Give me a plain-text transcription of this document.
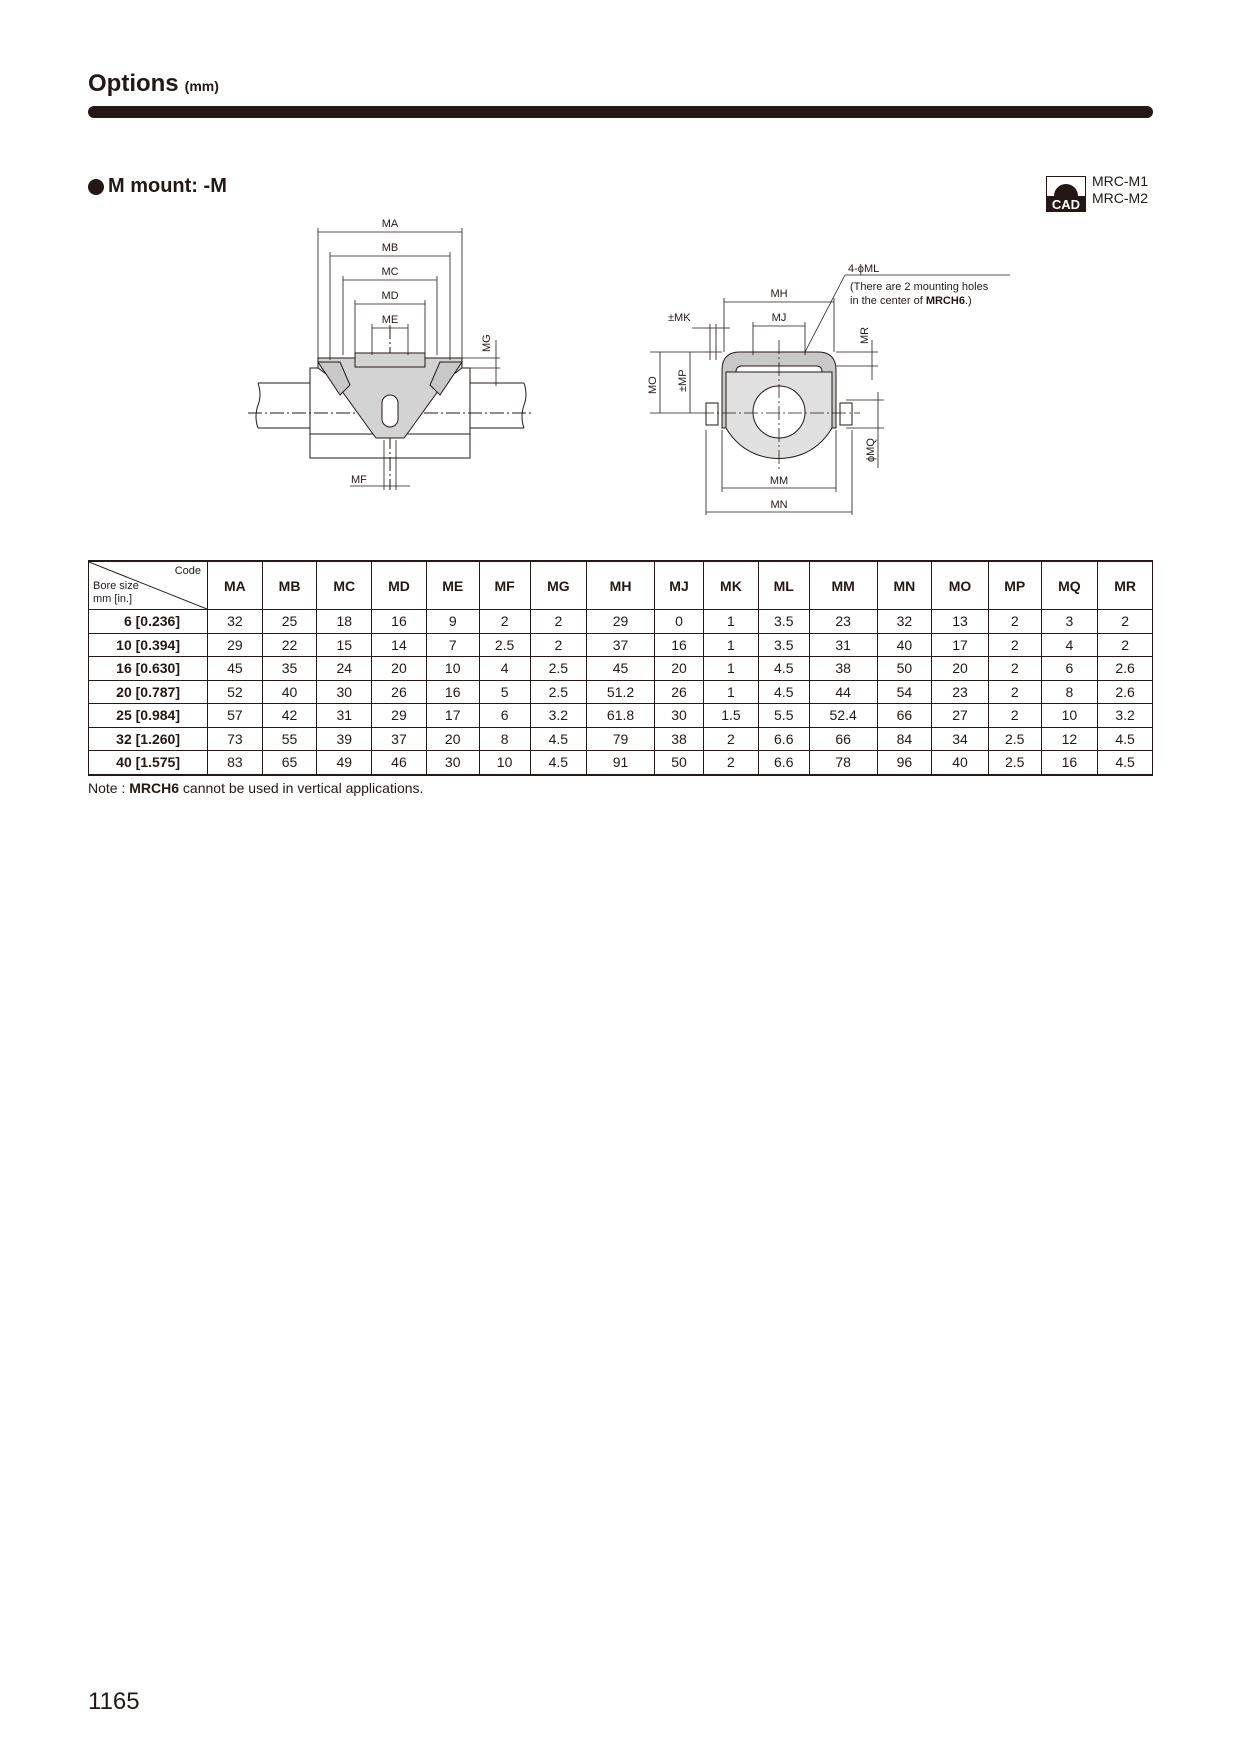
Options (mm)
M mount: -M
CAD
MRC-M1
MRC-M2
MA
MB
MC
MD
ME
MF
MG
4-ϕML
(There are 2 mounting holes
in the center of MRCH6.)
MH
MJ
±MK
MO ±MP
MR
ϕMQ
MM
MN
Code
Bore size
mm [in.]	MA	MB	MC	MD	ME	MF	MG	MH	MJ	MK	ML	MM	MN	MO	MP	MQ	MR
6 [0.236]	32	25	18	16	9	2	2	29	0	1	3.5	23	32	13	2	3	2
10 [0.394]	29	22	15	14	7	2.5	2	37	16	1	3.5	31	40	17	2	4	2
16 [0.630]	45	35	24	20	10	4	2.5	45	20	1	4.5	38	50	20	2	6	2.6
20 [0.787]	52	40	30	26	16	5	2.5	51.2	26	1	4.5	44	54	23	2	8	2.6
25 [0.984]	57	42	31	29	17	6	3.2	61.8	30	1.5	5.5	52.4	66	27	2	10	3.2
32 [1.260]	73	55	39	37	20	8	4.5	79	38	2	6.6	66	84	34	2.5	12	4.5
40 [1.575]	83	65	49	46	30	10	4.5	91	50	2	6.6	78	96	40	2.5	16	4.5
Note : MRCH6 cannot be used in vertical applications.
1165
